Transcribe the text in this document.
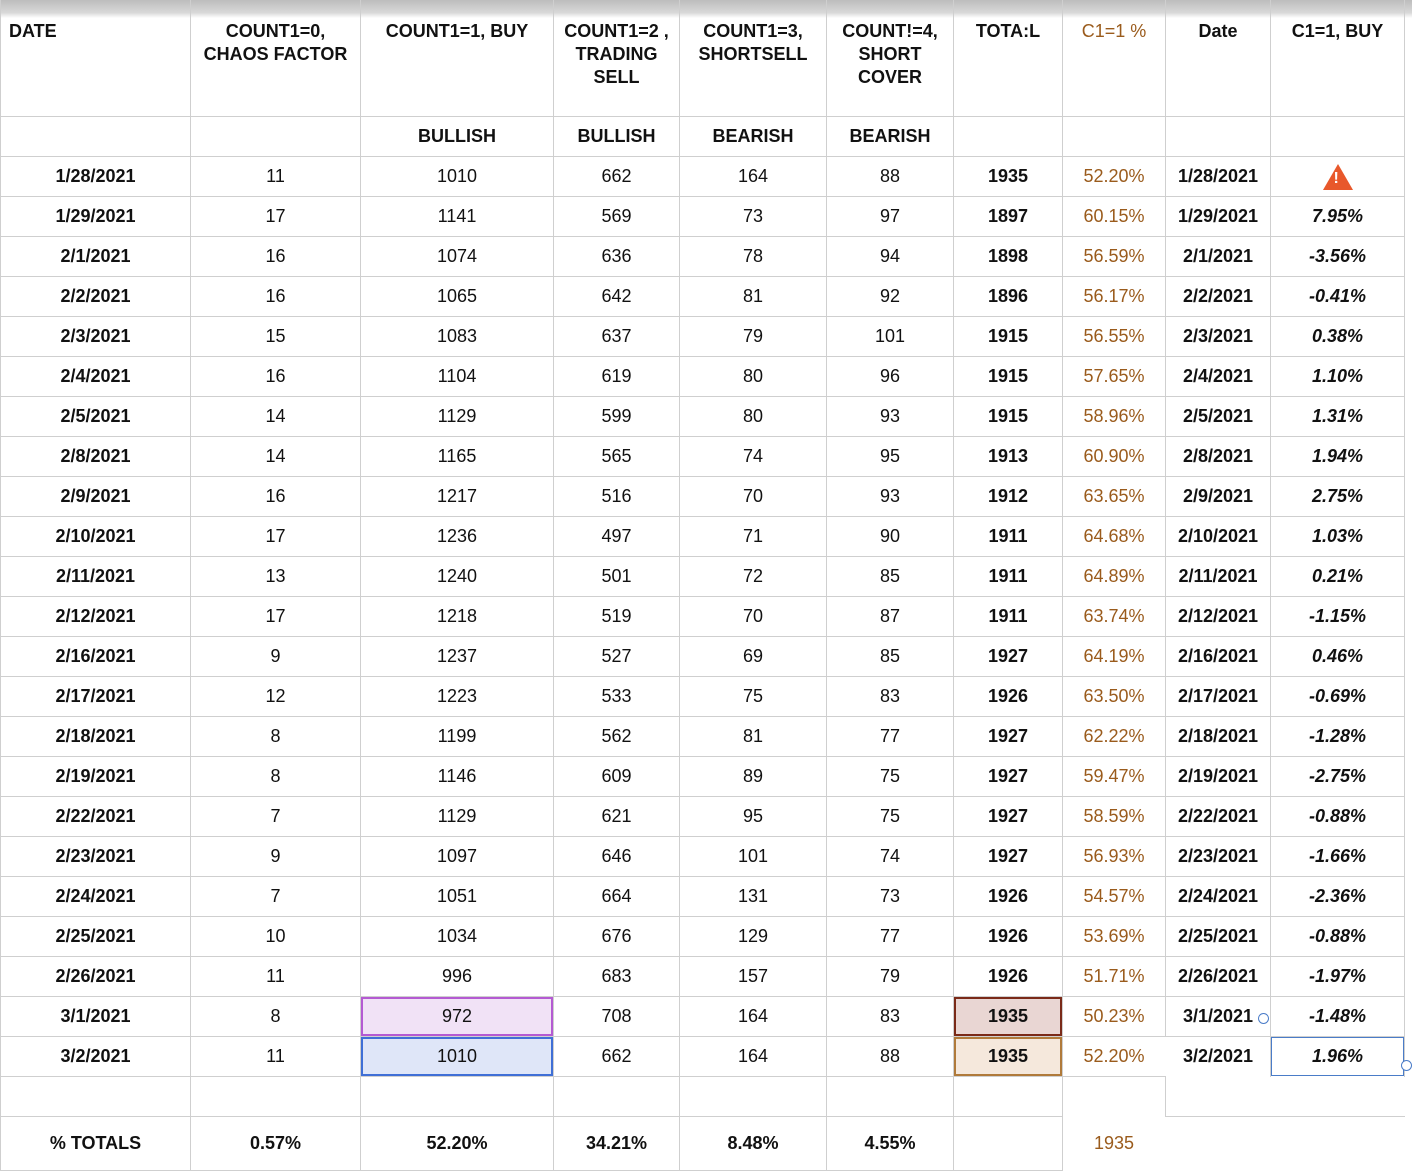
DATE	COUNT1=0, CHAOS FACTOR	COUNT1=1, BUY	COUNT1=2 , TRADING SELL	COUNT1=3, SHORTSELL	COUNT!=4, SHORT COVER	TOTA:L	C1=1 %	Date	C1=1, BUY
		BULLISH	BULLISH	BEARISH	BEARISH				
1/28/2021	11	1010	662	164	88	1935	52.20%	1/28/2021	!

1/29/2021	17	1141	569	73	97	1897	60.15%	1/29/2021	7.95%
2/1/2021	16	1074	636	78	94	1898	56.59%	2/1/2021	-3.56%
2/2/2021	16	1065	642	81	92	1896	56.17%	2/2/2021	-0.41%
2/3/2021	15	1083	637	79	101	1915	56.55%	2/3/2021	0.38%
2/4/2021	16	1104	619	80	96	1915	57.65%	2/4/2021	1.10%
2/5/2021	14	1129	599	80	93	1915	58.96%	2/5/2021	1.31%
2/8/2021	14	1165	565	74	95	1913	60.90%	2/8/2021	1.94%
2/9/2021	16	1217	516	70	93	1912	63.65%	2/9/2021	2.75%
2/10/2021	17	1236	497	71	90	1911	64.68%	2/10/2021	1.03%
2/11/2021	13	1240	501	72	85	1911	64.89%	2/11/2021	0.21%
2/12/2021	17	1218	519	70	87	1911	63.74%	2/12/2021	-1.15%
2/16/2021	9	1237	527	69	85	1927	64.19%	2/16/2021	0.46%
2/17/2021	12	1223	533	75	83	1926	63.50%	2/17/2021	-0.69%
2/18/2021	8	1199	562	81	77	1927	62.22%	2/18/2021	-1.28%
2/19/2021	8	1146	609	89	75	1927	59.47%	2/19/2021	-2.75%
2/22/2021	7	1129	621	95	75	1927	58.59%	2/22/2021	-0.88%
2/23/2021	9	1097	646	101	74	1927	56.93%	2/23/2021	-1.66%
2/24/2021	7	1051	664	131	73	1926	54.57%	2/24/2021	-2.36%
2/25/2021	10	1034	676	129	77	1926	53.69%	2/25/2021	-0.88%
2/26/2021	11	996	683	157	79	1926	51.71%	2/26/2021	-1.97%
3/1/2021	8	972	708	164	83	1935	50.23%	3/1/2021	-1.48%
3/2/2021	11	1010	662	164	88	1935	52.20%	3/2/2021	1.96%

% TOTALS	0.57%	52.20%	34.21%	8.48%	4.55%		1935		
